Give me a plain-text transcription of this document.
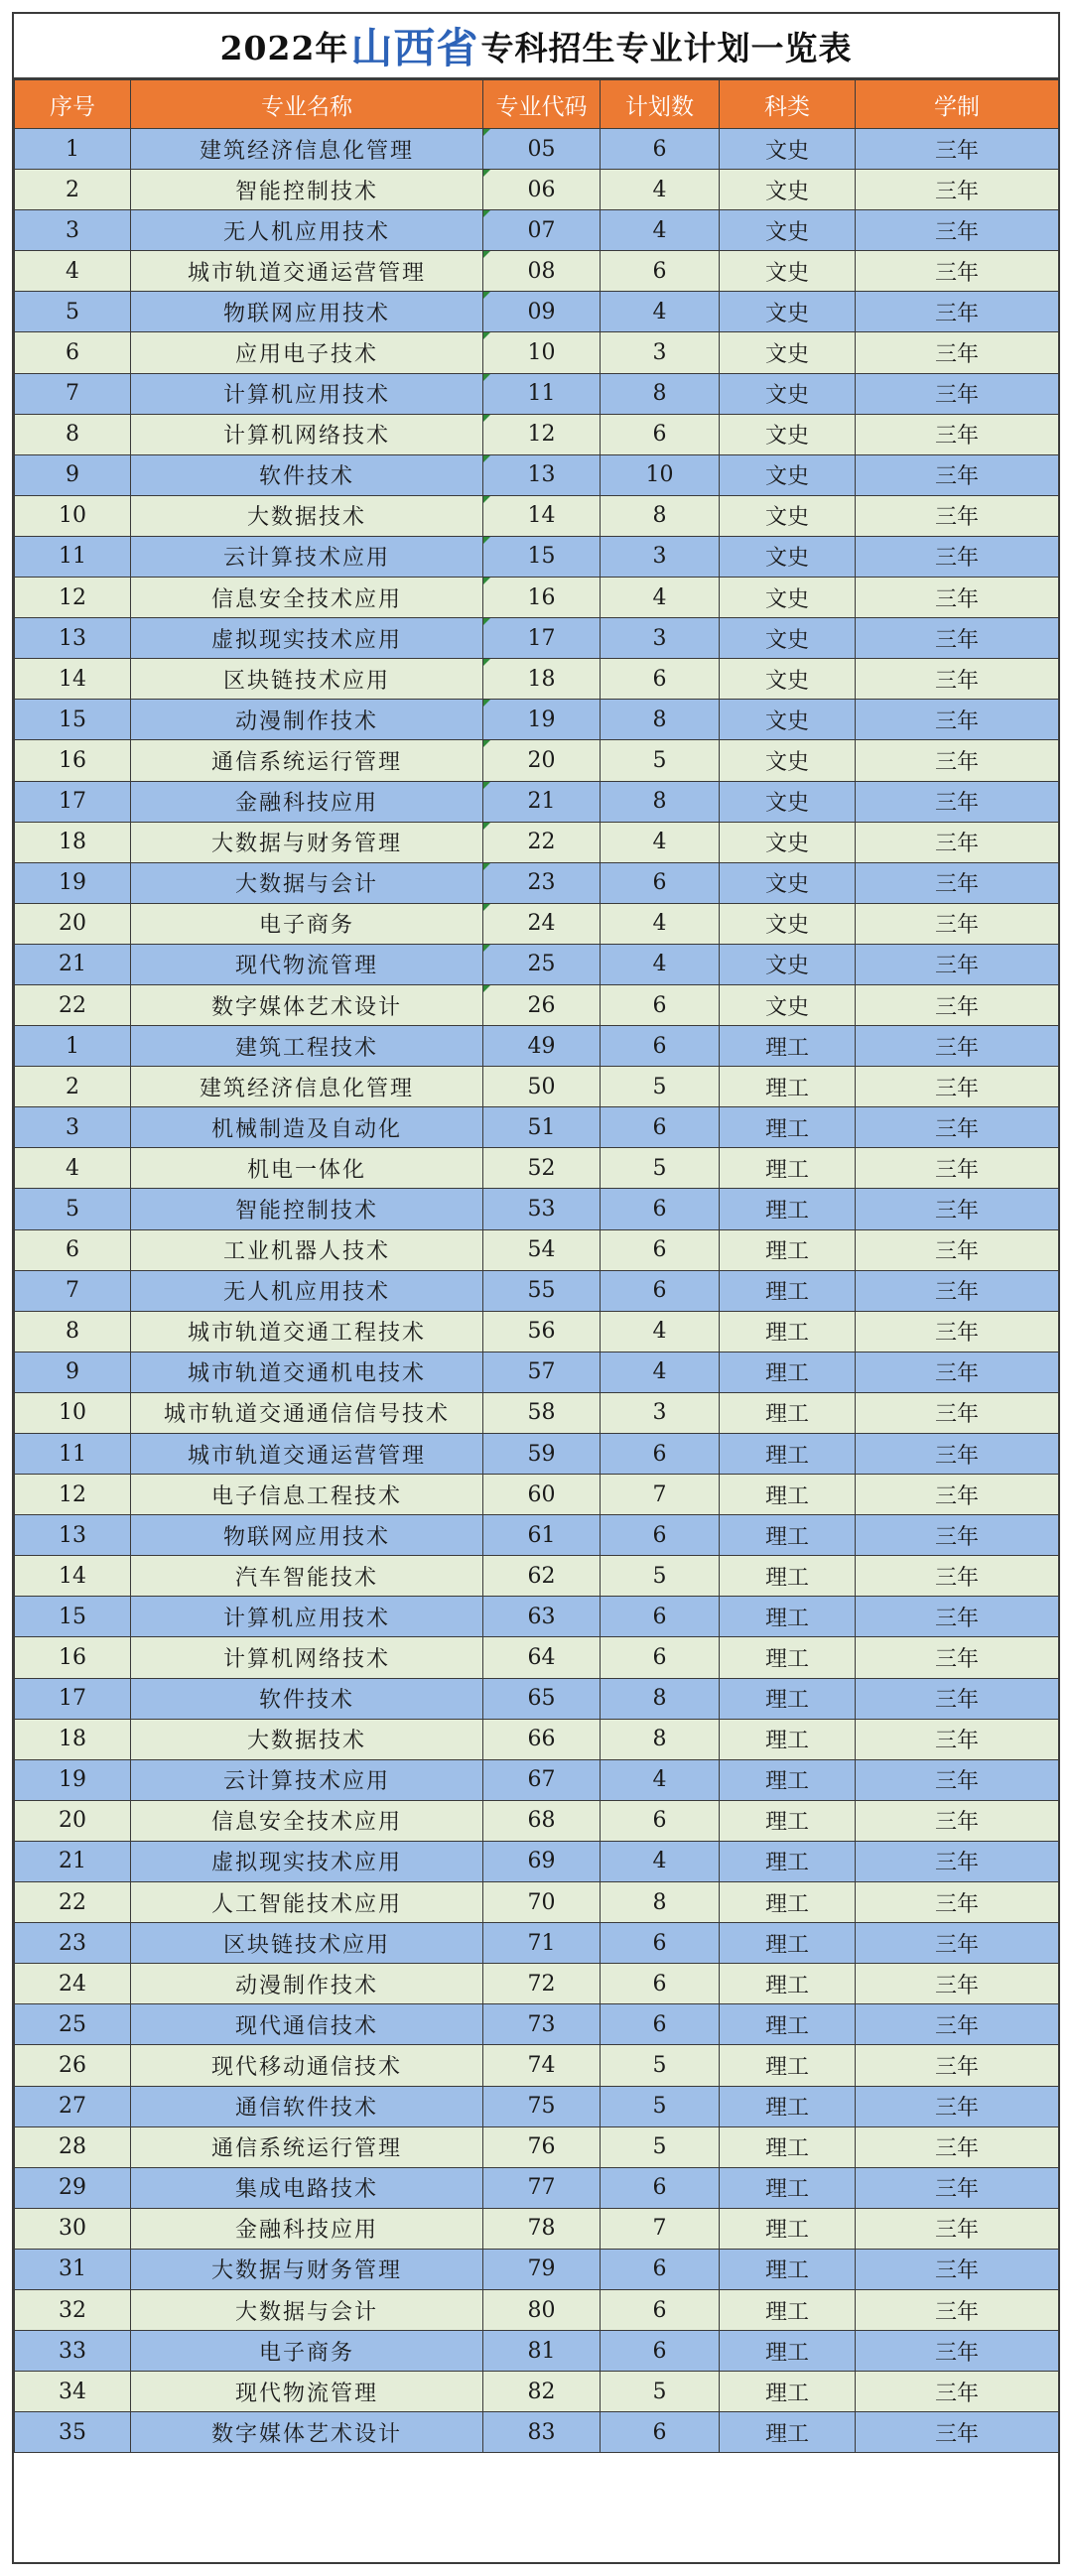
2022年 山西省 专科招生专业计划一览表
序号	专业名称	专业代码	计划数	科类	学制
1	建筑经济信息化管理	05	6	文史	三年
2	智能控制技术	06	4	文史	三年
3	无人机应用技术	07	4	文史	三年
4	城市轨道交通运营管理	08	6	文史	三年
5	物联网应用技术	09	4	文史	三年
6	应用电子技术	10	3	文史	三年
7	计算机应用技术	11	8	文史	三年
8	计算机网络技术	12	6	文史	三年
9	软件技术	13	10	文史	三年
10	大数据技术	14	8	文史	三年
11	云计算技术应用	15	3	文史	三年
12	信息安全技术应用	16	4	文史	三年
13	虚拟现实技术应用	17	3	文史	三年
14	区块链技术应用	18	6	文史	三年
15	动漫制作技术	19	8	文史	三年
16	通信系统运行管理	20	5	文史	三年
17	金融科技应用	21	8	文史	三年
18	大数据与财务管理	22	4	文史	三年
19	大数据与会计	23	6	文史	三年
20	电子商务	24	4	文史	三年
21	现代物流管理	25	4	文史	三年
22	数字媒体艺术设计	26	6	文史	三年
1	建筑工程技术	49	6	理工	三年
2	建筑经济信息化管理	50	5	理工	三年
3	机械制造及自动化	51	6	理工	三年
4	机电一体化	52	5	理工	三年
5	智能控制技术	53	6	理工	三年
6	工业机器人技术	54	6	理工	三年
7	无人机应用技术	55	6	理工	三年
8	城市轨道交通工程技术	56	4	理工	三年
9	城市轨道交通机电技术	57	4	理工	三年
10	城市轨道交通通信信号技术	58	3	理工	三年
11	城市轨道交通运营管理	59	6	理工	三年
12	电子信息工程技术	60	7	理工	三年
13	物联网应用技术	61	6	理工	三年
14	汽车智能技术	62	5	理工	三年
15	计算机应用技术	63	6	理工	三年
16	计算机网络技术	64	6	理工	三年
17	软件技术	65	8	理工	三年
18	大数据技术	66	8	理工	三年
19	云计算技术应用	67	4	理工	三年
20	信息安全技术应用	68	6	理工	三年
21	虚拟现实技术应用	69	4	理工	三年
22	人工智能技术应用	70	8	理工	三年
23	区块链技术应用	71	6	理工	三年
24	动漫制作技术	72	6	理工	三年
25	现代通信技术	73	6	理工	三年
26	现代移动通信技术	74	5	理工	三年
27	通信软件技术	75	5	理工	三年
28	通信系统运行管理	76	5	理工	三年
29	集成电路技术	77	6	理工	三年
30	金融科技应用	78	7	理工	三年
31	大数据与财务管理	79	6	理工	三年
32	大数据与会计	80	6	理工	三年
33	电子商务	81	6	理工	三年
34	现代物流管理	82	5	理工	三年
35	数字媒体艺术设计	83	6	理工	三年
